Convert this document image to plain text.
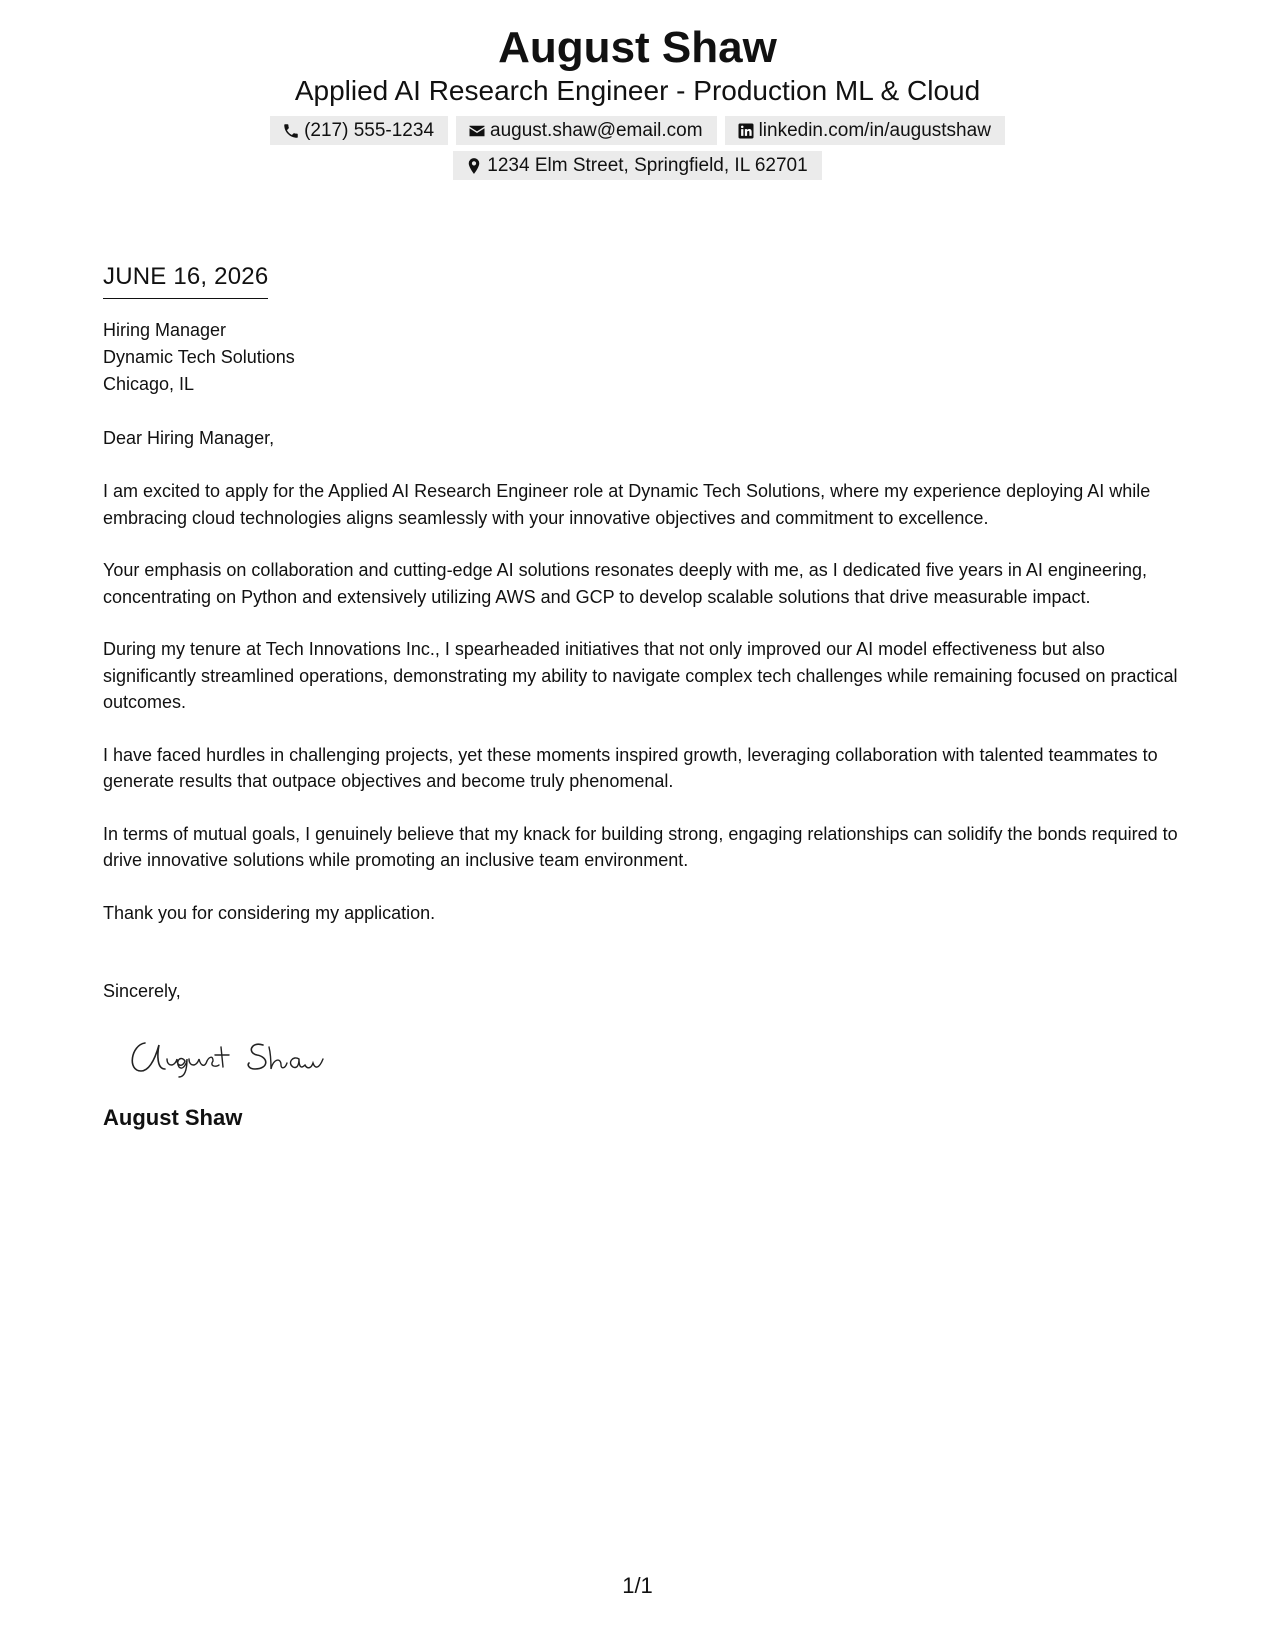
August Shaw
Applied AI Research Engineer - Production ML & Cloud
(217) 555-1234	august.shaw@email.com	linkedin.com/in/augustshaw
1234 Elm Street, Springfield, IL 62701
JUNE 16, 2026
Hiring Manager
Dynamic Tech Solutions
Chicago, IL
Dear Hiring Manager,

I am excited to apply for the Applied AI Research Engineer role at Dynamic Tech Solutions, where my experience deploying AI while embracing cloud technologies aligns seamlessly with your innovative objectives and commitment to excellence.

Your emphasis on collaboration and cutting-edge AI solutions resonates deeply with me, as I dedicated five years in AI engineering, concentrating on Python and extensively utilizing AWS and GCP to develop scalable solutions that drive measurable impact.

During my tenure at Tech Innovations Inc., I spearheaded initiatives that not only improved our AI model effectiveness but also significantly streamlined operations, demonstrating my ability to navigate complex tech challenges while remaining focused on practical outcomes.

I have faced hurdles in challenging projects, yet these moments inspired growth, leveraging collaboration with talented teammates to generate results that outpace objectives and become truly phenomenal.

In terms of mutual goals, I genuinely believe that my knack for building strong, engaging relationships can solidify the bonds required to drive innovative solutions while promoting an inclusive team environment.

Thank you for considering my application.

Sincerely,
August Shaw
1/1
